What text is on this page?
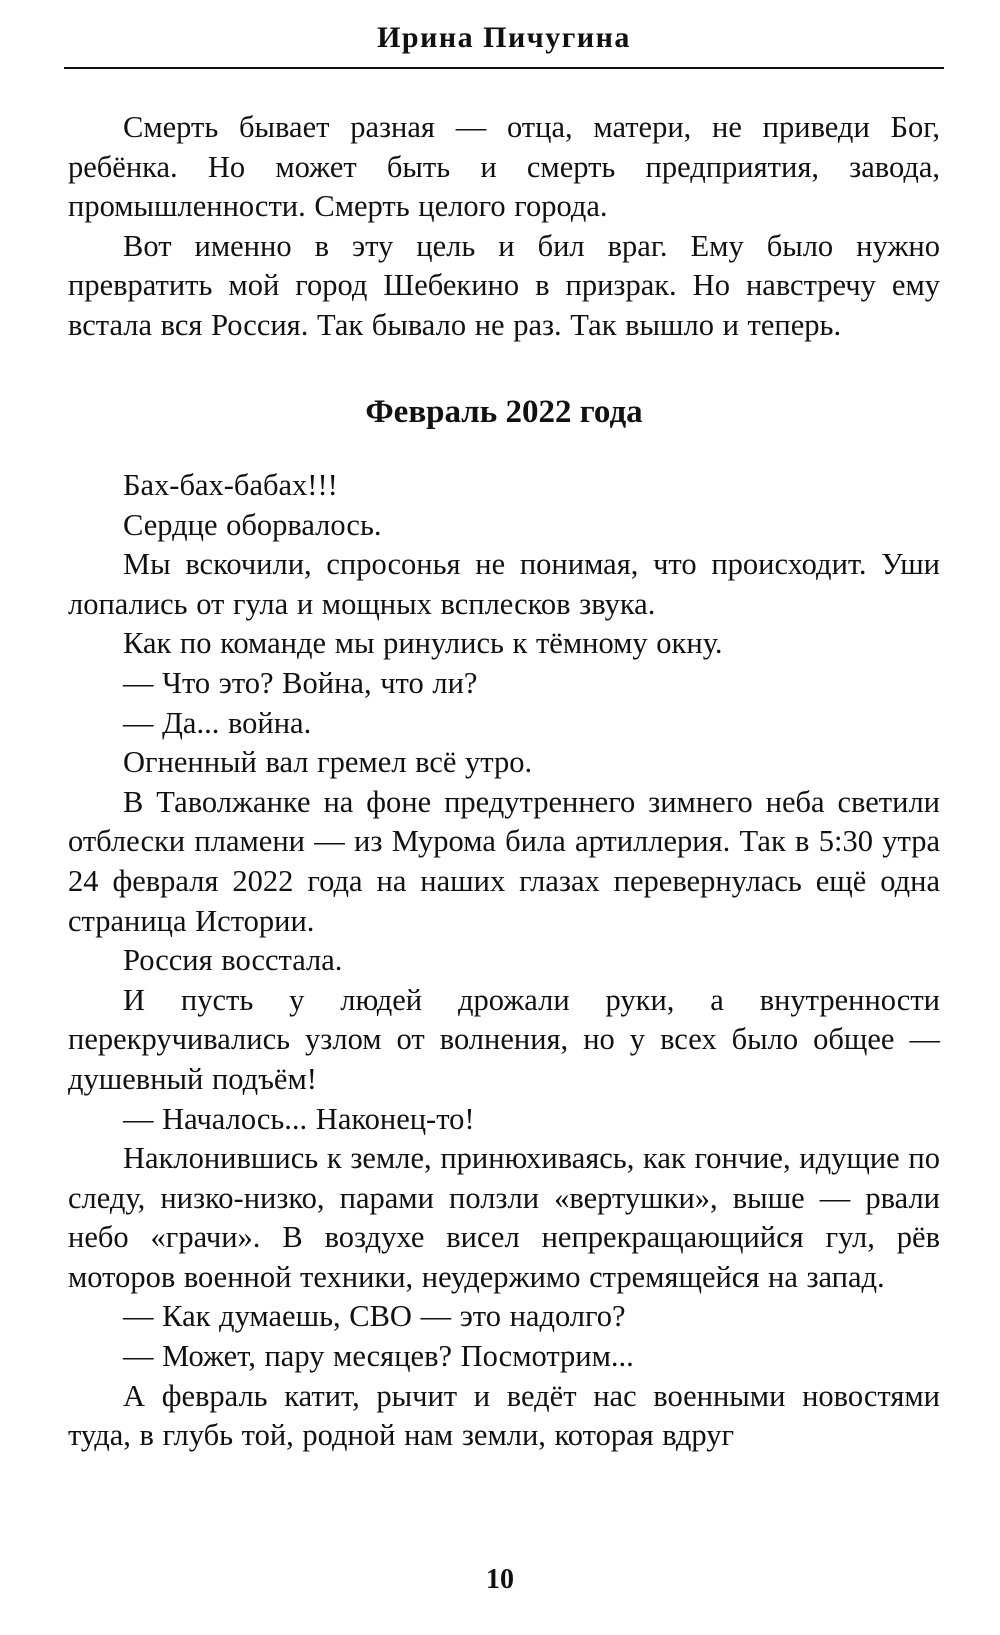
Ирина Пичугина

Смерть бывает разная — отца, матери, не приведи Бог, ребёнка. Но может быть и смерть предприятия, завода, промышленности. Смерть целого города.

Вот именно в эту цель и бил враг. Ему было нужно превратить мой город Шебекино в призрак. Но навстречу ему встала вся Россия. Так бывало не раз. Так вышло и теперь.

Февраль 2022 года

Бах-бах-бабах!!!

Сердце оборвалось.

Мы вскочили, спросонья не понимая, что происходит. Уши лопались от гула и мощных всплесков звука.

Как по команде мы ринулись к тёмному окну.

— Что это? Война, что ли?

— Да... война.

Огненный вал гремел всё утро.

В Таволжанке на фоне предутреннего зимнего неба светили отблески пламени — из Мурома била артиллерия. Так в 5:30 утра 24 февраля 2022 года на наших глазах перевернулась ещё одна страница Истории.

Россия восстала.

И пусть у людей дрожали руки, а внутренности перекручивались узлом от волнения, но у всех было общее — душевный подъём!

— Началось... Наконец-то!

Наклонившись к земле, принюхиваясь, как гончие, идущие по следу, низко-низко, парами ползли «вертушки», выше — рвали небо «грачи». В воздухе висел непрекращающийся гул, рёв моторов военной техники, неудержимо стремящейся на запад.

— Как думаешь, СВО — это надолго?

— Может, пару месяцев? Посмотрим...

А февраль катит, рычит и ведёт нас военными новостями туда, в глубь той, родной нам земли, которая вдруг

10
